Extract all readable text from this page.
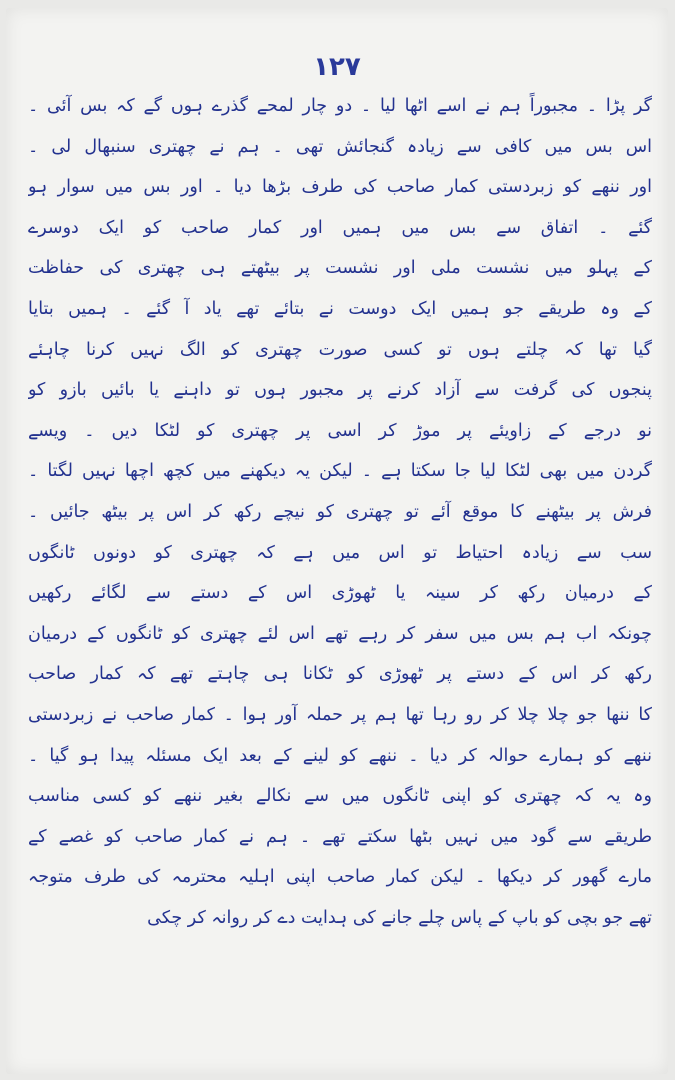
۱۲۷
گر پڑا ۔ مجبوراً ہم نے اسے اٹھا لیا ۔ دو چار لمحے گذرے ہوں گے کہ بس آئی ۔
اس بس میں کافی سے زیادہ گنجائش تھی ۔ ہم نے چھتری سنبھال لی ۔
اور ننھے کو زبردستی کمار صاحب کی طرف بڑھا دیا ۔ اور بس میں سوار ہو
گئے ۔ اتفاق سے بس میں ہمیں اور کمار صاحب کو ایک دوسرے
کے پہلو میں نشست ملی اور نشست پر بیٹھتے ہی چھتری کی حفاظت
کے وہ طریقے جو ہمیں ایک دوست نے بتائے تھے یاد آ گئے ۔ ہمیں بتایا
گیا تھا کہ چلتے ہوں تو کسی صورت چھتری کو الگ نہیں کرنا چاہئے
پنجوں کی گرفت سے آزاد کرنے پر مجبور ہوں تو داہنے یا بائیں بازو کو
نو درجے کے زاویئے پر موڑ کر اسی پر چھتری کو لٹکا دیں ۔ ویسے
گردن میں بھی لٹکا لیا جا سکتا ہے ۔ لیکن یہ دیکھنے میں کچھ اچھا نہیں لگتا ۔
فرش پر بیٹھنے کا موقع آئے تو چھتری کو نیچے رکھ کر اس پر بیٹھ جائیں ۔
سب سے زیادہ احتیاط تو اس میں ہے کہ چھتری کو دونوں ٹانگوں
کے درمیان رکھ کر سینہ یا ٹھوڑی اس کے دستے سے لگائے رکھیں
چونکہ اب ہم بس میں سفر کر رہے تھے اس لئے چھتری کو ٹانگوں کے درمیان
رکھ کر اس کے دستے پر ٹھوڑی کو ٹکانا ہی چاہتے تھے کہ کمار صاحب
کا ننھا جو چلا چلا کر رو رہا تھا ہم پر حملہ آور ہوا ۔ کمار صاحب نے زبردستی
ننھے کو ہمارے حوالہ کر دیا ۔ ننھے کو لینے کے بعد ایک مسئلہ پیدا ہو گیا ۔
وہ یہ کہ چھتری کو اپنی ٹانگوں میں سے نکالے بغیر ننھے کو کسی مناسب
طریقے سے گود میں نہیں بٹھا سکتے تھے ۔ ہم نے کمار صاحب کو غصے کے
مارے گھور کر دیکھا ۔ لیکن کمار صاحب اپنی اہلیہ محترمہ کی طرف متوجہ
تھے جو بچی کو باپ کے پاس چلے جانے کی ہدایت دے کر روانہ کر چکی
